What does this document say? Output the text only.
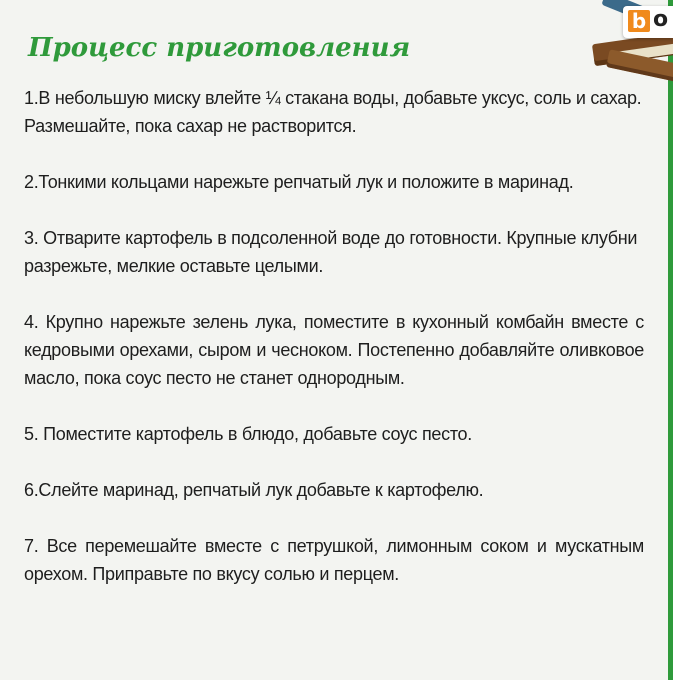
b o
Процесс приготовления
1.В небольшую миску влейте ¼ стакана воды, добавьте уксус, соль и сахар. Размешайте, пока сахар не растворится.
2.Тонкими кольцами нарежьте репчатый лук и положите в маринад.
3. Отварите картофель в подсоленной воде до готовности. Крупные клубни разрежьте, мелкие оставьте целыми.
4. Крупно нарежьте зелень лука, поместите в кухонный комбайн вместе с кедровыми орехами, сыром и чесноком. Постепенно добавляйте оливковое масло, пока соус песто не станет однородным.
5. Поместите картофель в блюдо, добавьте соус песто.
6.Слейте маринад, репчатый лук добавьте к картофелю.
7. Все перемешайте вместе с петрушкой, лимонным соком и мускатным орехом. Приправьте по вкусу солью и перцем.
